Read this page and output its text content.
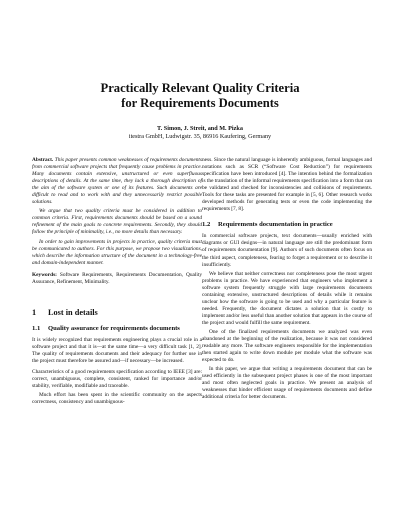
Practically Relevant Quality Criteria
for Requirements Documents
T. Simon, J. Streit, and M. Pizka
itestra GmbH, Ludwigstr. 35, 86916 Kaufering, Germany

Abstract. This paper presents common weaknesses of requirements documents from commercial software projects that frequently cause problems in practice. Many documents contain extensive, unstructured or even superfluous descriptions of details. At the same time, they lack a thorough description of the aim of the software system or one of its features. Such documents are difficult to read and to work with and they unnecessarily restrict possible solutions.

We argue that two quality criteria must be considered in addition to common criteria. First, requirements documents should be based on a sound refinement of the main goals to concrete requirements. Secondly, they should follow the principle of minimality, i.e., no more details than necessary.

In order to gain improvements in projects in practice, quality criteria must be communicated to authors. For this purpose, we propose two visualizations, which describe the information structure of the document in a technology-free and domain-independent manner.

Keywords: Software Requirements, Requirements Documentation, Quality Assurance, Refinement, Minimality.

1 Lost in details
1.1	Quality assurance for requirements documents

It is widely recognized that requirements engineering plays a crucial role in a software project and that it is—at the same time—a very difficult task [1, 2]. The quality of requirements documents and their adequacy for further use in the project must therefore be assured and—if necessary—be increased.

Characteristics of a good requirements specification according to IEEE [3] are: correct, unambiguous, complete, consistent, ranked for importance and/or stability, verifiable, modifiable and traceable.

Much effort has been spent in the scientific community on the aspects correctness, consistency and unambiguous-

ness. Since the natural language is inherently ambiguous, formal languages and notations such as SCR (“Software Cost Reduction”) for requirements specification have been introduced [4]. The intention behind the formalization is the translation of the informal requirements specification into a form that can be validated and checked for inconsistencies and collisions of requirements. Tools for these tasks are presented for example in [5, 6]. Other research works developed methods for generating tests or even the code implementing the requirements [7, 8].

1.2	Requirements documentation in practice

In commercial software projects, text documents—usually enriched with diagrams or GUI designs—in natural language are still the predominant form of requirements documentation [9]. Authors of such documents often focus on the third aspect, completeness, fearing to forget a requirement or to describe it insufficiently.

We believe that neither correctness nor completeness pose the most urgent problems in practice. We have experienced that engineers who implement a software system frequently struggle with large requirements documents containing extensive, unstructured descriptions of details while it remains unclear how the software is going to be used and why a particular feature is needed. Frequently, the document dictates a solution that is costly to implement and/or less useful than another solution that appears in the course of the project and would fulfill the same requirement.

One of the finalized requirements documents we analyzed was even abandoned at the beginning of the realization, because it was not considered readable any more. The software engineers responsible for the implementation then started again to write down module per module what the software was expected to do.

In this paper, we argue that writing a requirements document that can be used efficiently in the subsequent project phases is one of the most important and most often neglected goals in practice. We present an analysis of weaknesses that hinder efficient usage of requirements documents and define additional criteria for better documents.
